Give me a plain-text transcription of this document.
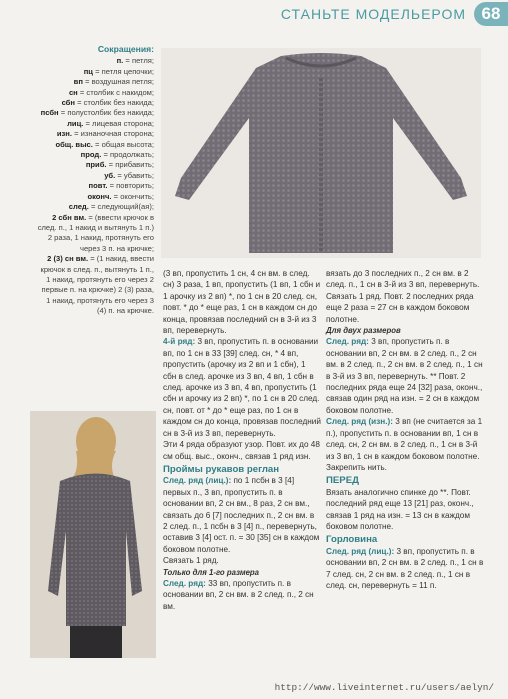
СТАНЬТЕ МОДЕЛЬЕРОМ 68
Сокращения:
п. = петля;
пц = петля цепочки;
вп = воздушная петля;
сн = столбик с накидом;
сбн = столбик без накида;
псбн = полустолбик без накида;
лиц. = лицевая сторона;
изн. = изнаночная сторона;
общ. выс. = общая высота;
прод. = продолжать;
приб. = прибавить;
уб. = убавить;
повт. = повторить;
оконч. = окончить;
след. = следующий(ая);
2 сбн вм. = (ввести крючок в след. п., 1 накид и вытянуть 1 п.) 2 раза, 1 накид, протянуть его через 3 п. на крючке;
2 (3) сн вм. = (1 накид, ввести крючок в след. п., вытянуть 1 п., 1 накид, протянуть его через 2 первые п. на крючке) 2 (3) раза, 1 накид, протянуть его через 3 (4) п. на крючке.

(3 вп, пропустить 1 сн, 4 сн вм. в след. сн) 3 раза, 1 вп, пропустить (1 вп, 1 сбн и 1 арочку из 2 вп) *, по 1 сн в 20 след. сн, повт. * до * еще раз, 1 сн в каждом сн до конца, провязав последний сн в 3-й из 3 вп, перевернуть.

4-й ряд: 3 вп, пропустить п. в основании вп, по 1 сн в 33 [39] след. сн, * 4 вп, пропустить (арочку из 2 вп и 1 сбн), 1 сбн в след. арочке из 3 вп, 4 вп, 1 сбн в след. арочке из 3 вп, 4 вп, пропустить (1 сбн и арочку из 2 вп) *, по 1 сн в 20 след. сн, повт. от * до * еще раз, по 1 сн в каждом сн до конца, провязав последний сн в 3-й из 3 вп, перевернуть.

Эти 4 ряда образуют узор. Повт. их до 48 см общ. выс., оконч., связав 1 ряд изн.

Проймы рукавов реглан

След. ряд (лиц.): по 1 псбн в 3 [4] первых п., 3 вп, пропустить п. в основании вп, 2 сн вм., 8 раз, 2 сн вм., связать до 6 [7] последних п., 2 сн вм. в 2 след. п., 1 псбн в 3 [4] п., перевернуть, оставив 3 [4] ост. п. = 30 [35] сн в каждом боковом полотне.

Связать 1 ряд.

Только для 1-го размера

След. ряд: 33 вп, пропустить п. в основании вп, 2 сн вм. в 2 след. п., 2 сн вм.

вязать до 3 последних п., 2 сн вм. в 2 след. п., 1 сн в 3-й из 3 вп, перевернуть.

Связать 1 ряд. Повт. 2 последних ряда еще 2 раза = 27 сн в каждом боковом полотне.

Для двух размеров

След. ряд: 3 вп, пропустить п. в основании вп, 2 сн вм. в 2 след. п., 2 сн вм. в 2 след. п., 2 сн вм. в 2 след. п., 1 сн в 3-й из 3 вп, перевернуть. ** Повт. 2 последних ряда еще 24 [32] раза, оконч., связав один ряд на изн. = 2 сн в каждом боковом полотне.

След. ряд (изн.): 3 вп (не считается за 1 п.), пропустить п. в основании вп, 1 сн в след. сн, 2 сн вм. в 2 след. п., 1 сн в 3-й из 3 вп, 1 сн в каждом боковом полотне.

Закрепить нить.

ПЕРЕД

Вязать аналогично спинке до **. Повт. последний ряд еще 13 [21] раз, оконч., связав 1 ряд на изн. = 13 сн в каждом боковом полотне.

Горловина

След. ряд (лиц.): 3 вп, пропустить п. в основании вп, 2 сн вм. в 2 след. п., 1 сн в 7 след. сн, 2 сн вм. в 2 след. п., 1 сн в след. сн, перевернуть = 11 п.

http://www.liveinternet.ru/users/aelyn/
